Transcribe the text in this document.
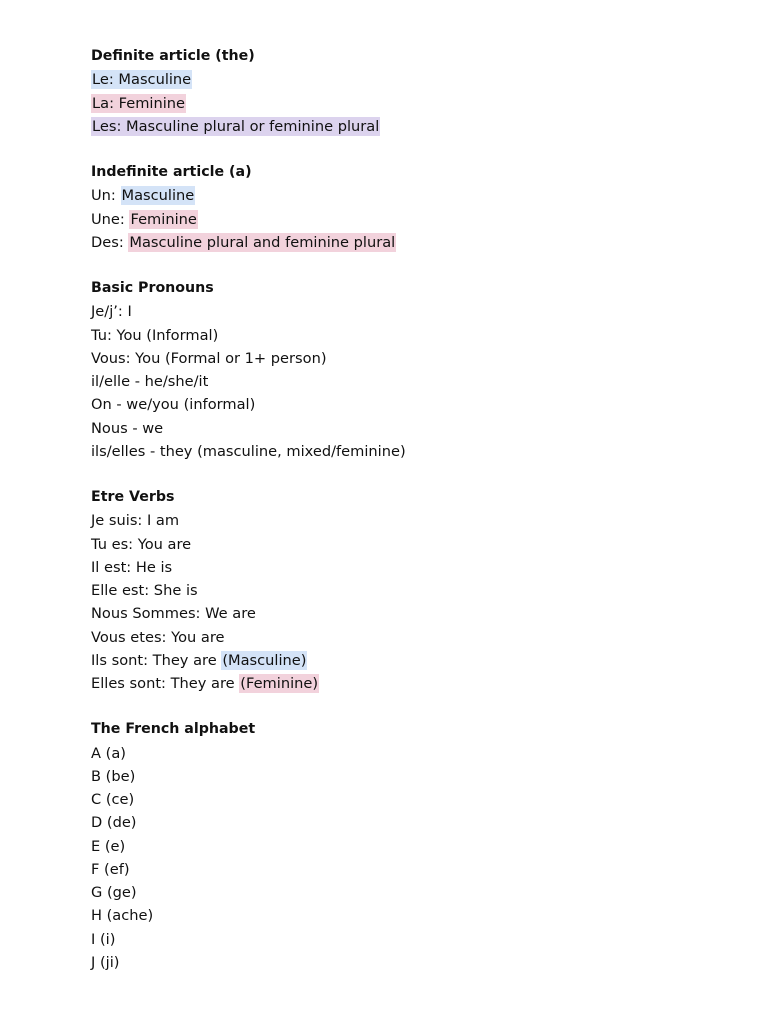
Definite article (the)
Le: Masculine
La: Feminine
Les: Masculine plural or feminine plural
Indefinite article (a)
Un: Masculine
Une: Feminine
Des: Masculine plural and feminine plural
Basic Pronouns
Je/j’: I
Tu: You (Informal)
Vous: You (Formal or 1+ person)
il/elle - he/she/it
On - we/you (informal)
Nous - we
ils/elles - they (masculine, mixed/feminine)
Etre Verbs
Je suis: I am
Tu es: You are
Il est: He is
Elle est: She is
Nous Sommes: We are
Vous etes: You are
Ils sont: They are (Masculine)
Elles sont: They are (Feminine)
The French alphabet
A (a)
B (be)
C (ce)
D (de)
E (e)
F (ef)
G (ge)
H (ache)
I (i)
J (ji)
